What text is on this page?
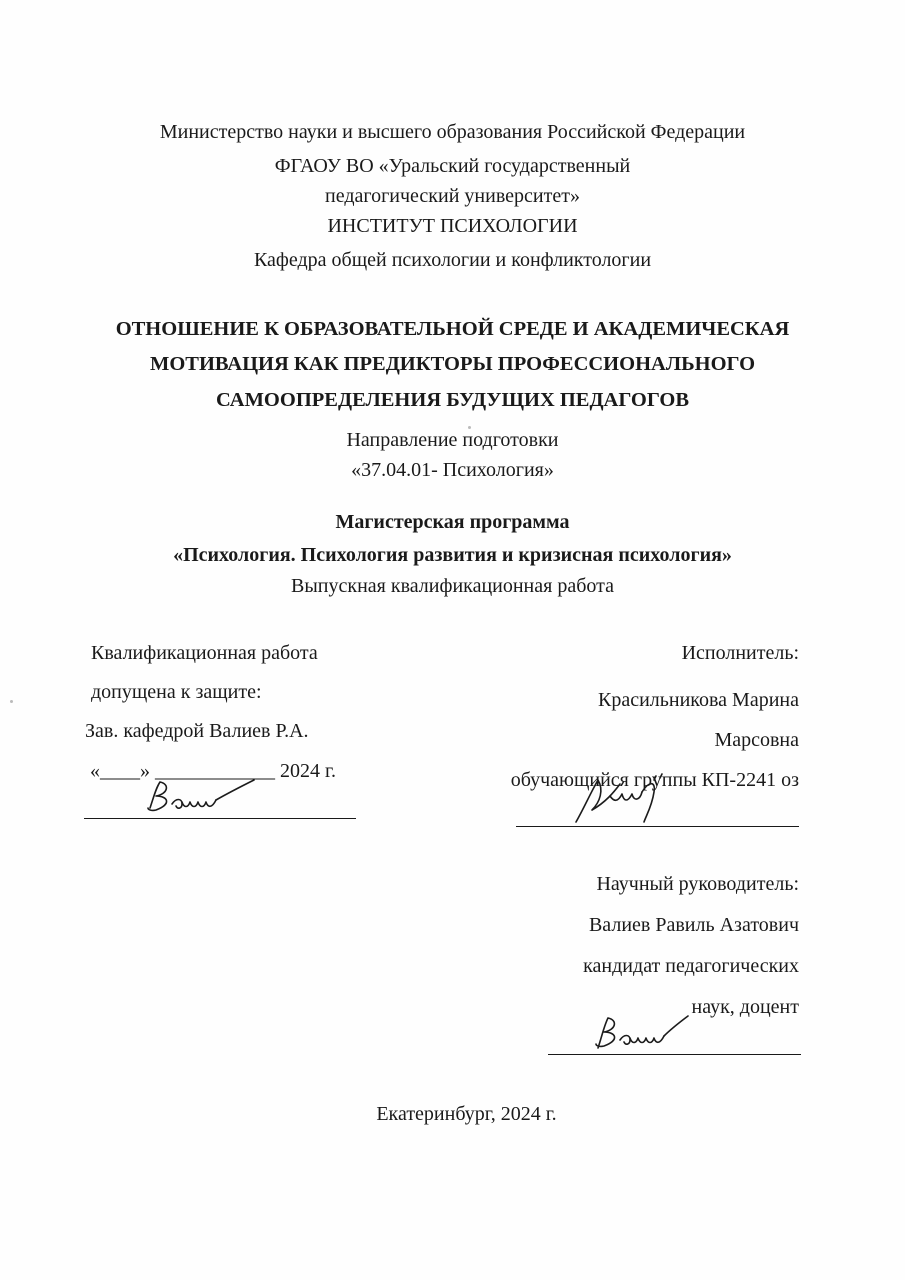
Министерство науки и высшего образования Российской Федерации
ФГАОУ ВО «Уральский государственный
педагогический университет»
ИНСТИТУТ ПСИХОЛОГИИ
Кафедра общей психологии и конфликтологии
ОТНОШЕНИЕ К ОБРАЗОВАТЕЛЬНОЙ СРЕДЕ И АКАДЕМИЧЕСКАЯ
МОТИВАЦИЯ КАК ПРЕДИКТОРЫ ПРОФЕССИОНАЛЬНОГО
САМООПРЕДЕЛЕНИЯ БУДУЩИХ ПЕДАГОГОВ
Направление подготовки
«37.04.01- Психология»
Магистерская программа
«Психология. Психология развития и кризисная психология»
Выпускная квалификационная работа
Квалификационная работа
допущена к защите:
Зав. кафедрой Валиев Р.А.
«____» ____________ 2024 г.
Исполнитель:
Красильникова Марина
Марсовна
обучающийся группы КП-2241 оз
Научный руководитель:
Валиев Равиль Азатович
кандидат педагогических
наук, доцент
Екатеринбург, 2024 г.
